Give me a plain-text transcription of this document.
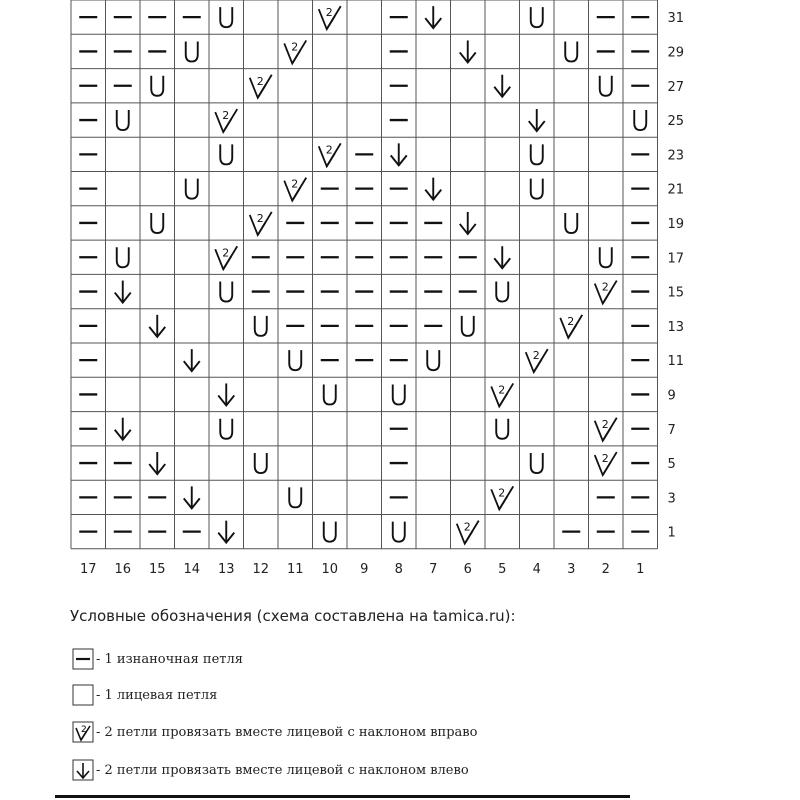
2
2
2
2
2
2
2
2
2
2
2
2
2
2
2
2
31
29
27
25
23
21
19
17
15
13
11
9
7
5
3
1
17 16 15 14 13 12 11 10 9 8 7 6 5 4 3 2 1
Условные обозначения (схема составлена на tamica.ru):
- 1 изнаночная петля
- 1 лицевая петля
2 - 2 петли провязать вместе лицевой с наклоном вправо
- 2 петли провязать вместе лицевой с наклоном влево
